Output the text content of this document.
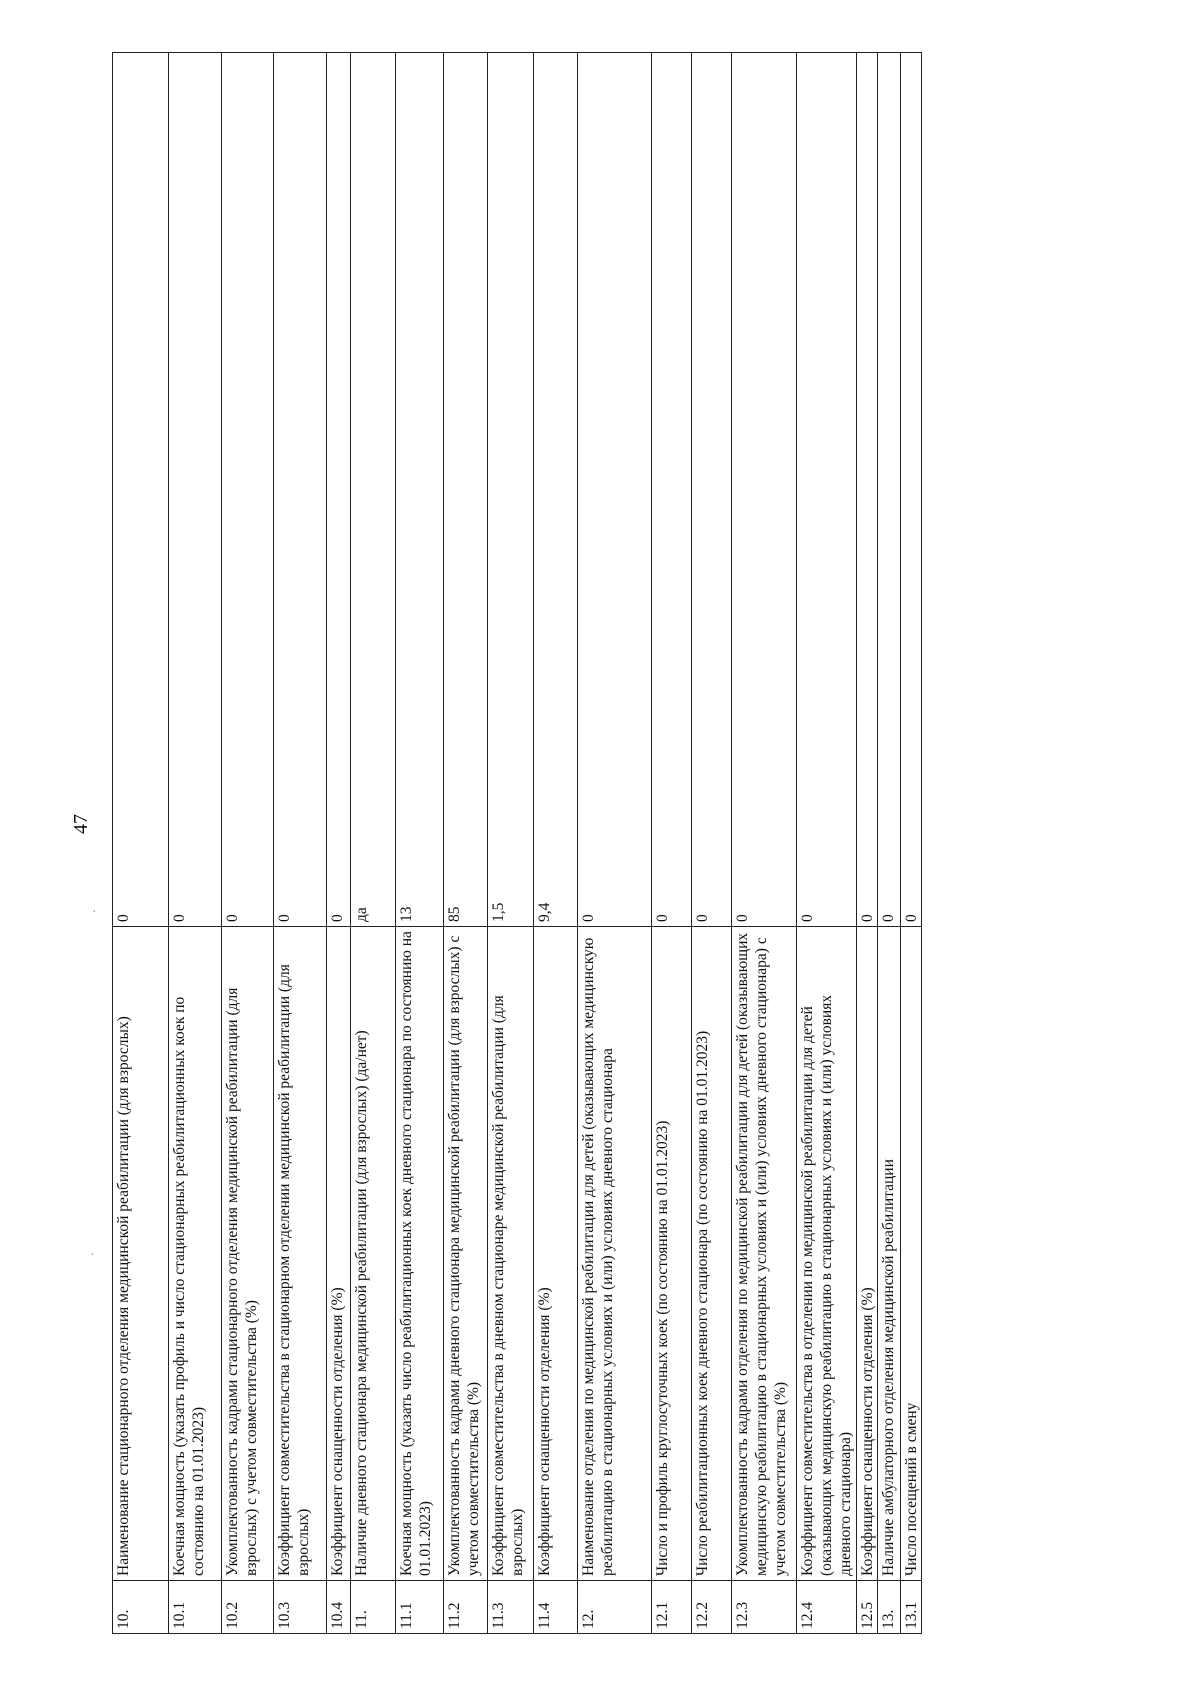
47
10.	Наименование стационарного отделения медицинской реабилитации (для взрослых)	0
10.1	Коечная мощность (указать профиль и число стационарных реабилитационных коек по состоянию на 01.01.2023)	0
10.2	Укомплектованность кадрами стационарного отделения медицинской реабилитации (для взрослых) с учетом совместительства (%)	0
10.3	Коэффициент совместительства в стационарном отделении медицинской реабилитации (для взрослых)	0
10.4	Коэффициент оснащенности отделения (%)	0
11.	Наличие дневного стационара медицинской реабилитации (для взрослых) (да/нет)	да
11.1	Коечная мощность (указать число реабилитационных коек дневного стационара по состоянию на 01.01.2023)	13
11.2	Укомплектованность кадрами дневного стационара медицинской реабилитации (для взрослых) с учетом совместительства (%)	85
11.3	Коэффициент совместительства в дневном стационаре медицинской реабилитации (для взрослых)	1,5
11.4	Коэффициент оснащенности отделения (%)	9,4
12.	Наименование отделения по медицинской реабилитации для детей (оказывающих медицинскую реабилитацию в стационарных условиях и (или) условиях дневного стационара	0
12.1	Число и профиль круглосуточных коек (по состоянию на 01.01.2023)	0
12.2	Число реабилитационных коек дневного стационара (по состоянию на 01.01.2023)	0
12.3	Укомплектованность кадрами отделения по медицинской реабилитации для детей (оказывающих медицинскую реабилитацию в стационарных условиях и (или) условиях дневного стационара) с учетом совместительства (%)	0
12.4	Коэффициент совместительства в отделении по медицинской реабилитации для детей (оказывающих медицинскую реабилитацию в стационарных условиях и (или) условиях дневного стационара)	0
12.5	Коэффициент оснащенности отделения (%)	0
13.	Наличие амбулаторного отделения медицинской реабилитации	0
13.1	Число посещений в смену	0
·
·
